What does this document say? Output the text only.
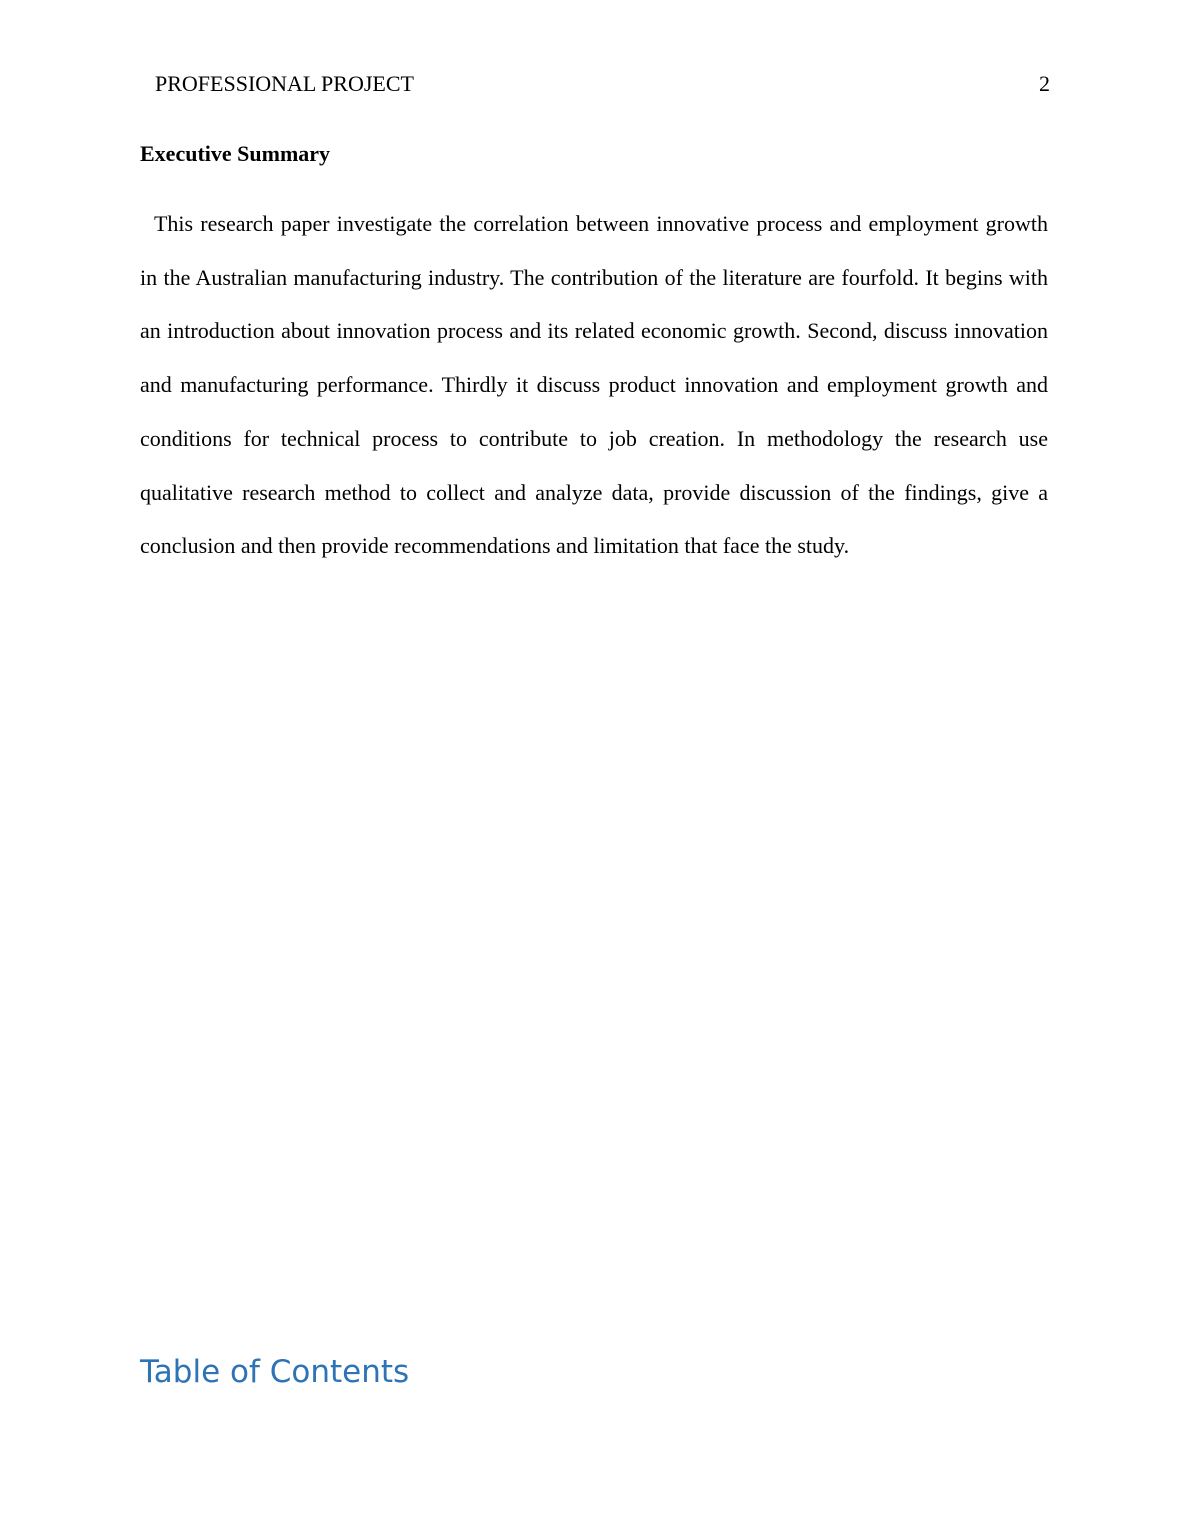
PROFESSIONAL PROJECT	2
Executive Summary

This research paper investigate the correlation between innovative process and employment growth in the Australian manufacturing industry. The contribution of the literature are fourfold. It begins with an introduction about innovation process and its related economic growth. Second, discuss innovation and manufacturing performance. Thirdly it discuss product innovation and employment growth and conditions for technical process to contribute to job creation. In methodology the research use qualitative research method to collect and analyze data, provide discussion of the findings, give a conclusion and then provide recommendations and limitation that face the study.

Table of Contents
